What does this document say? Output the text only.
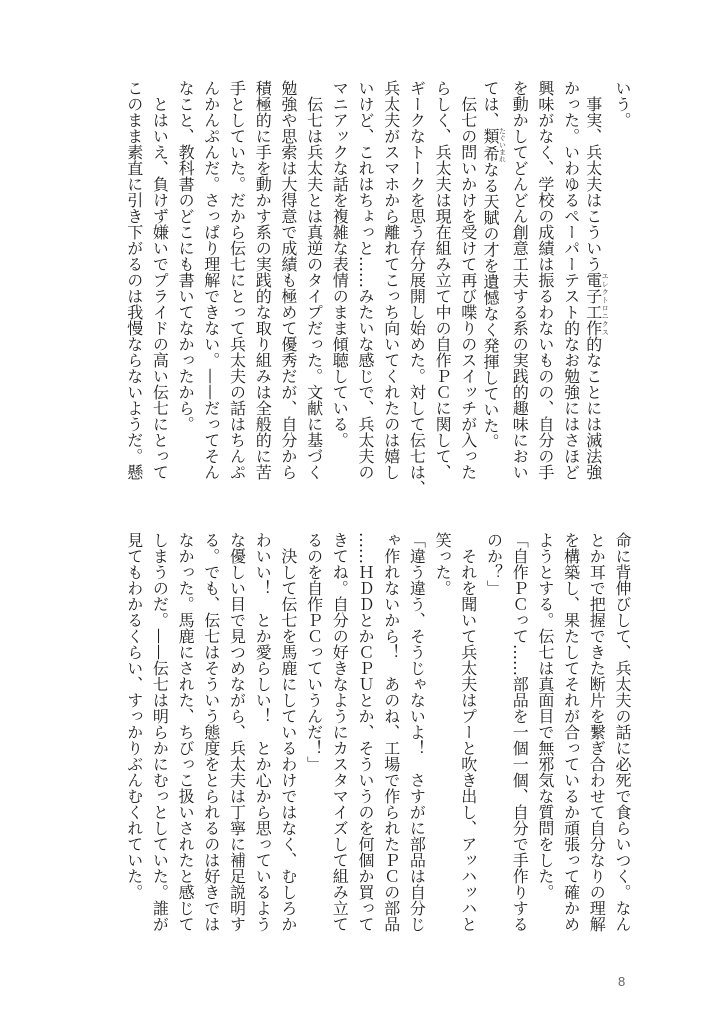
いう。
　事実、兵太夫はこういう電子工作エレクトロニクス的なことには滅法強
かった。いわゆるペーパーテスト的なお勉強にはさほど
興味がなく、学校の成績は振るわないものの、自分の手
を動かしてどんどん創意工夫する系の実践的趣味におい
ては、類希たぐいまれなる天賦の才を遺憾なく発揮していた。
　伝七の問いかけを受けて再び喋りのスイッチが入った
らしく、兵太夫は現在組み立て中の自作ＰＣに関して、
ギークなトークを思う存分展開し始めた。対して伝七は、
兵太夫がスマホから離れてこっち向いてくれたのは嬉し
いけど、これはちょっと……みたいな感じで、兵太夫の
マニアックな話を複雑な表情のまま傾聴している。
　伝七は兵太夫とは真逆のタイプだった。文献に基づく
勉強や思索は大得意で成績も極めて優秀だが、自分から
積極的に手を動かす系の実践的な取り組みは全般的に苦
手としていた。だから伝七にとって兵太夫の話はちんぷ
んかんぷんだ。さっぱり理解できない。——だってそん
なこと、教科書のどこにも書いてなかったから。
　とはいえ、負けず嫌いでプライドの高い伝七にとって
このまま素直に引き下がるのは我慢ならないようだ。懸
命に背伸びして、兵太夫の話に必死で食らいつく。なん
とか耳で把握できた断片を繋ぎ合わせて自分なりの理解
を構築し、果たしてそれが合っているか頑張って確かめ
ようとする。伝七は真面目で無邪気な質問をした。
「自作ＰＣって……部品を一個一個、自分で手作りする
のか？」
　それを聞いて兵太夫はプーと吹き出し、アッハッハと
笑った。
「違う違う、そうじゃないよ！　さすがに部品は自分じ
ゃ作れないから！　あのね、工場で作られたＰＣの部品
……ＨＤＤとかＣＰＵとか、そういうのを何個か買って
きてね。自分の好きなようにカスタマイズして組み立て
るのを自作ＰＣっていうんだ！」
　決して伝七を馬鹿にしているわけではなく、むしろか
わいい！　とか愛らしい！　とか心から思っているよう
な優しい目で見つめながら、兵太夫は丁寧に補足説明す
る。でも、伝七はそういう態度をとられるのは好きでは
なかった。馬鹿にされた、ちびっこ扱いされたと感じて
しまうのだ。——伝七は明らかにむっとしていた。誰が
見てもわかるくらい、すっかりぶんむくれていた。
8
